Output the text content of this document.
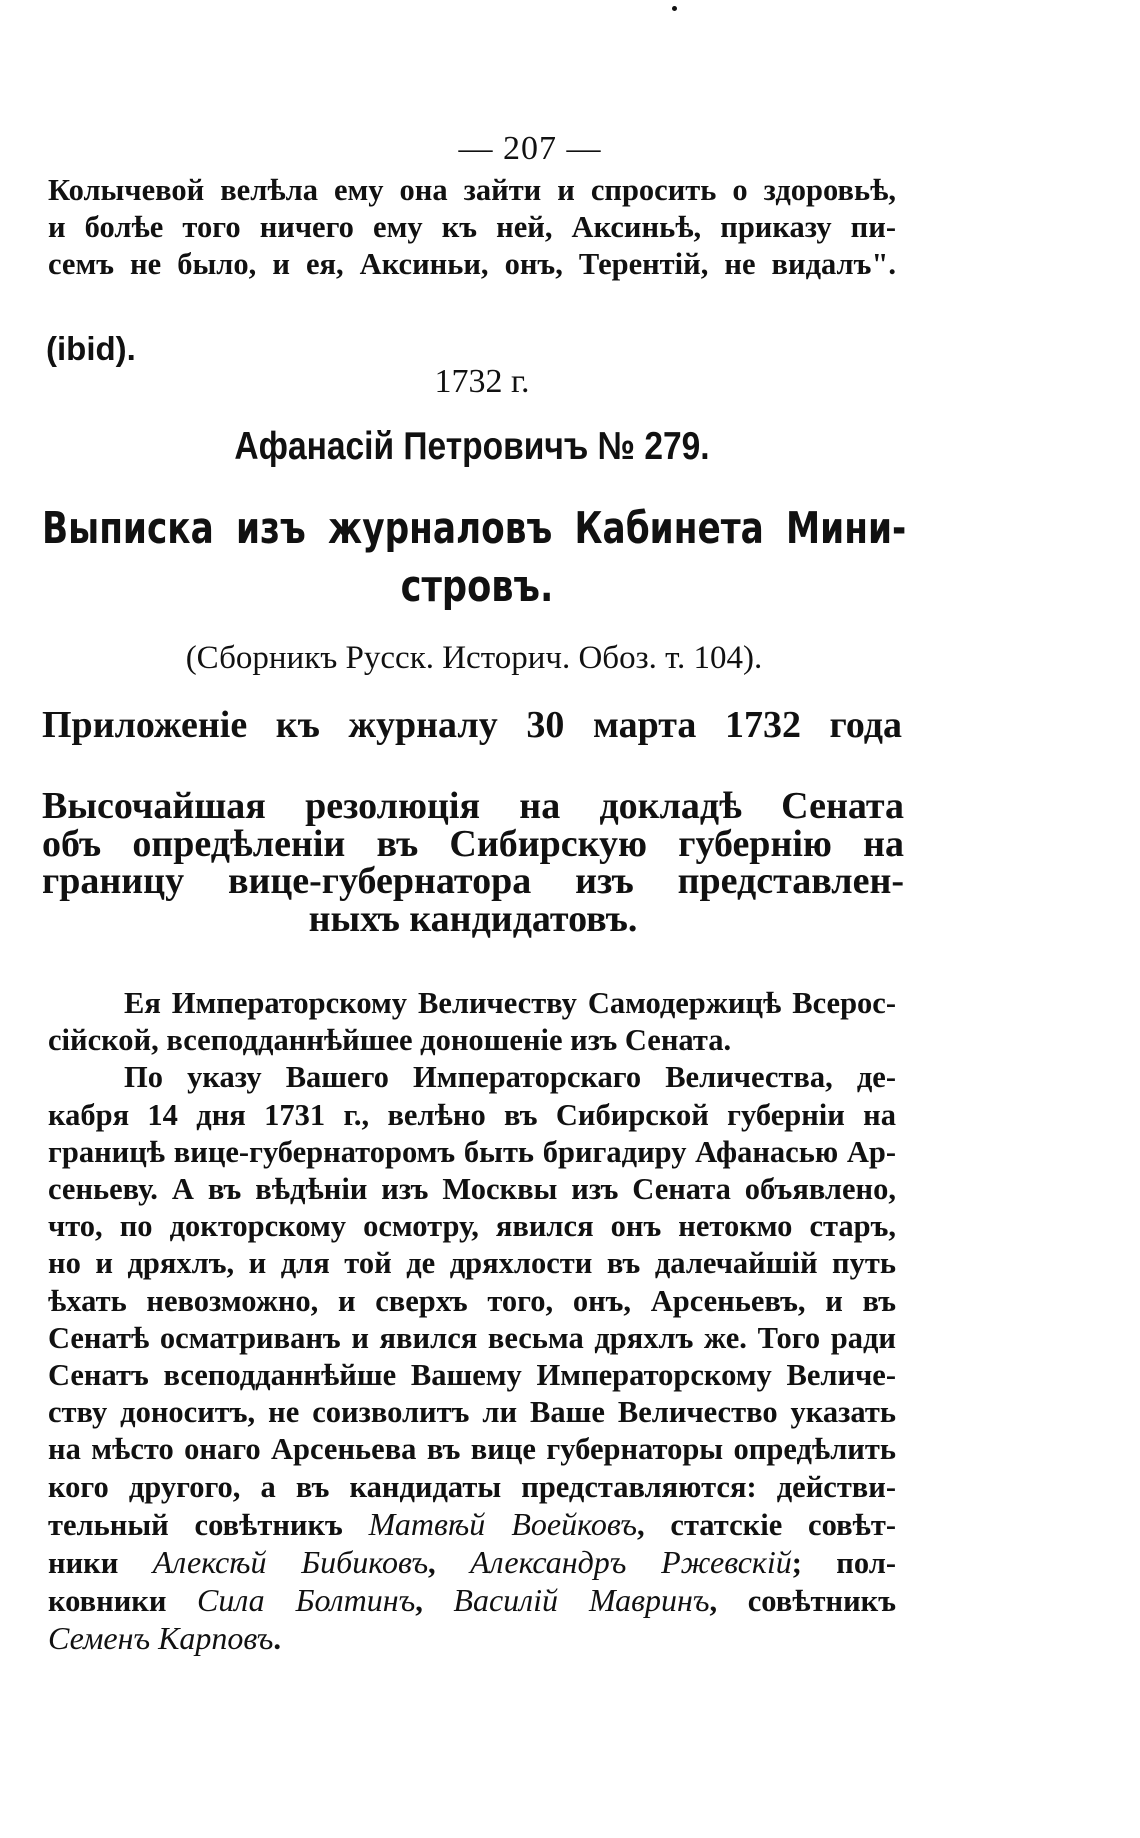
— 207 —
Колычевой велѣла ему она зайти и спросить о здоровьѣ,
и болѣе того ничего ему къ ней, Аксиньѣ, приказу пи-
семъ не было, и ея, Аксиньи, онъ, Терентій, не видалъ".
(ibid).
1732 г.
Афанасій Петровичъ № 279.
Выписка изъ журналовъ Кабинета Мини-
стровъ.
(Сборникъ Русск. Историч. Обоз. т. 104).
Приложеніе къ журналу 30 марта 1732 года
Высочайшая резолюція на докладѣ Сената
объ опредѣленіи въ Сибирскую губернію на
границу вице-губернатора изъ представлен-
ныхъ кандидатовъ.
Ея Императорскому Величеству Самодержицѣ Всерос-
сійской, всеподданнѣйшее доношеніе изъ Сената.
По указу Вашего Императорскаго Величества, де-
кабря 14 дня 1731 г., велѣно въ Сибирской губерніи на
границѣ вице-губернаторомъ быть бригадиру Афанасью Ар-
сеньеву. А въ вѣдѣніи изъ Москвы изъ Сената объявлено,
что, по докторскому осмотру, явился онъ нетокмо старъ,
но и дряхлъ, и для той де дряхлости въ далечайшій путь
ѣхать невозможно, и сверхъ того, онъ, Арсеньевъ, и въ
Сенатѣ осматриванъ и явился весьма дряхлъ же. Того ради
Сенатъ всеподданнѣйше Вашему Императорскому Величе-
ству доноситъ, не соизволитъ ли Ваше Величество указать
на мѣсто онаго Арсеньева въ вице губернаторы опредѣлить
кого другого, а въ кандидаты представляются: действи-
тельный совѣтникъ Матвѣй Воейковъ, статскіе совѣт-
ники Алексѣй Бибиковъ, Александръ Ржевскій; пол-
ковники Сила Болтинъ, Василій Мавринъ, совѣтникъ
Семенъ Карповъ.
